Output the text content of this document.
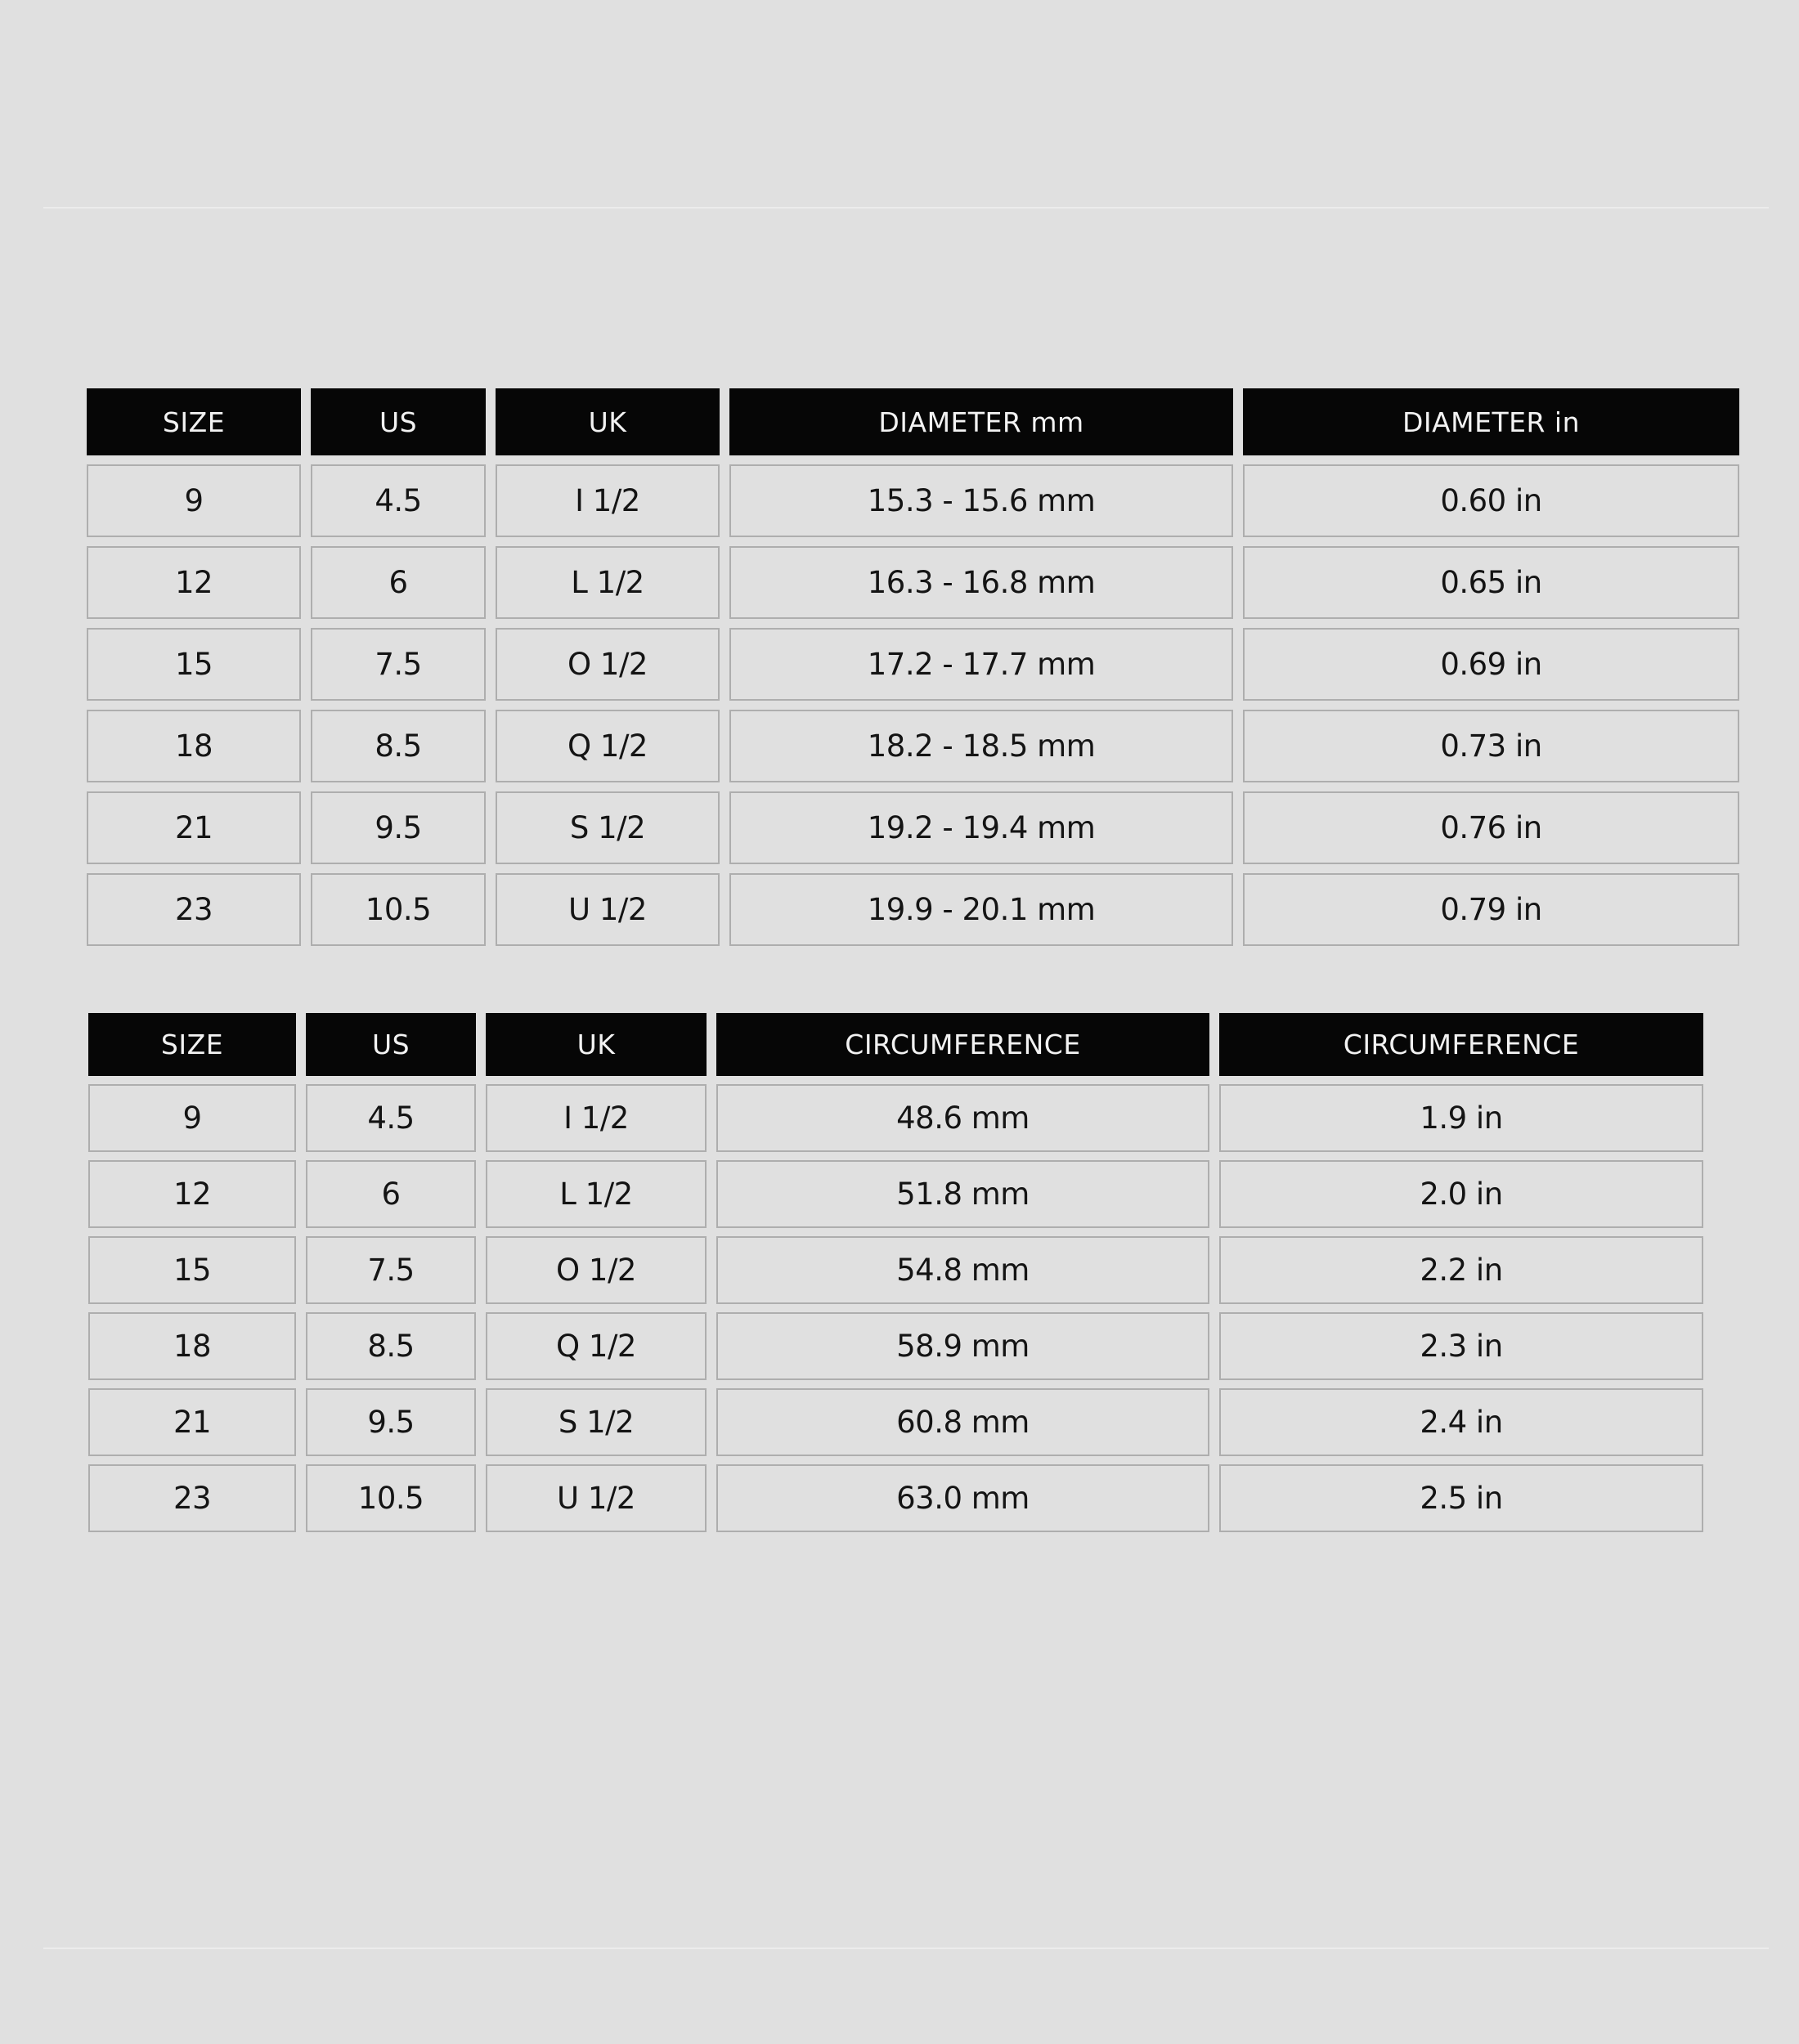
SIZE	US	UK	DIAMETER mm	DIAMETER in
9	4.5	I 1/2	15.3 - 15.6 mm	0.60 in
12	6	L 1/2	16.3 - 16.8 mm	0.65 in
15	7.5	O 1/2	17.2 - 17.7 mm	0.69 in
18	8.5	Q 1/2	18.2 - 18.5 mm	0.73 in
21	9.5	S 1/2	19.2 - 19.4 mm	0.76 in
23	10.5	U 1/2	19.9 - 20.1 mm	0.79 in
SIZE	US	UK	CIRCUMFERENCE	CIRCUMFERENCE
9	4.5	I 1/2	48.6 mm	1.9 in
12	6	L 1/2	51.8 mm	2.0 in
15	7.5	O 1/2	54.8 mm	2.2 in
18	8.5	Q 1/2	58.9 mm	2.3 in
21	9.5	S 1/2	60.8 mm	2.4 in
23	10.5	U 1/2	63.0 mm	2.5 in
